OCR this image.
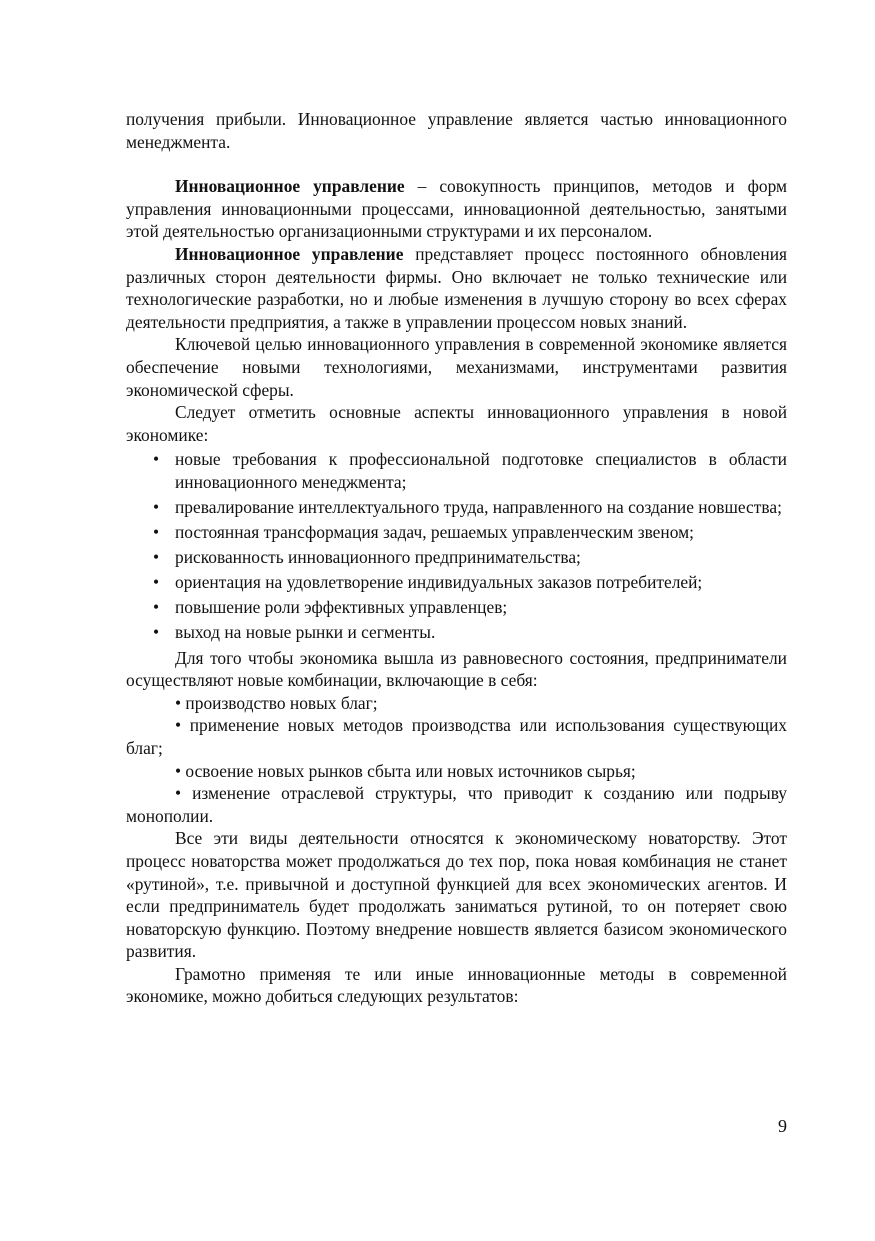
получения прибыли. Инновационное управление является частью инновационного менеджмента.

Инновационное управление – совокупность принципов, методов и форм управления инновационными процессами, инновационной деятельностью, занятыми этой деятельностью организационными структурами и их персоналом.

Инновационное управление представляет процесс постоянного обновления различных сторон деятельности фирмы. Оно включает не только технические или технологические разработки, но и любые изменения в лучшую сторону во всех сферах деятельности предприятия, а также в управлении процессом новых знаний.

Ключевой целью инновационного управления в современной экономике является обеспечение новыми технологиями, механизмами, инструментами развития экономической сферы.

Следует отметить основные аспекты инновационного управления в новой экономике:

• новые требования к профессиональной подготовке специалистов в области инновационного менеджмента;
• превалирование интеллектуального труда, направленного на создание новшества;
• постоянная трансформация задач, решаемых управленческим звеном;
• рискованность инновационного предпринимательства;
• ориентация на удовлетворение индивидуальных заказов потребителей;
• повышение роли эффективных управленцев;
• выход на новые рынки и сегменты.

Для того чтобы экономика вышла из равновесного состояния, предприниматели осуществляют новые комбинации, включающие в себя:

• производство новых благ;

• применение новых методов производства или использования существующих благ;

• освоение новых рынков сбыта или новых источников сырья;

• изменение отраслевой структуры, что приводит к созданию или подрыву монополии.

Все эти виды деятельности относятся к экономическому новаторству. Этот процесс новаторства может продолжаться до тех пор, пока новая комбинация не станет «рутиной», т.е. привычной и доступной функцией для всех экономических агентов. И если предприниматель будет продолжать заниматься рутиной, то он потеряет свою новаторскую функцию. Поэтому внедрение новшеств является базисом экономического развития.

Грамотно применяя те или иные инновационные методы в современной экономике, можно добиться следующих результатов:

9
